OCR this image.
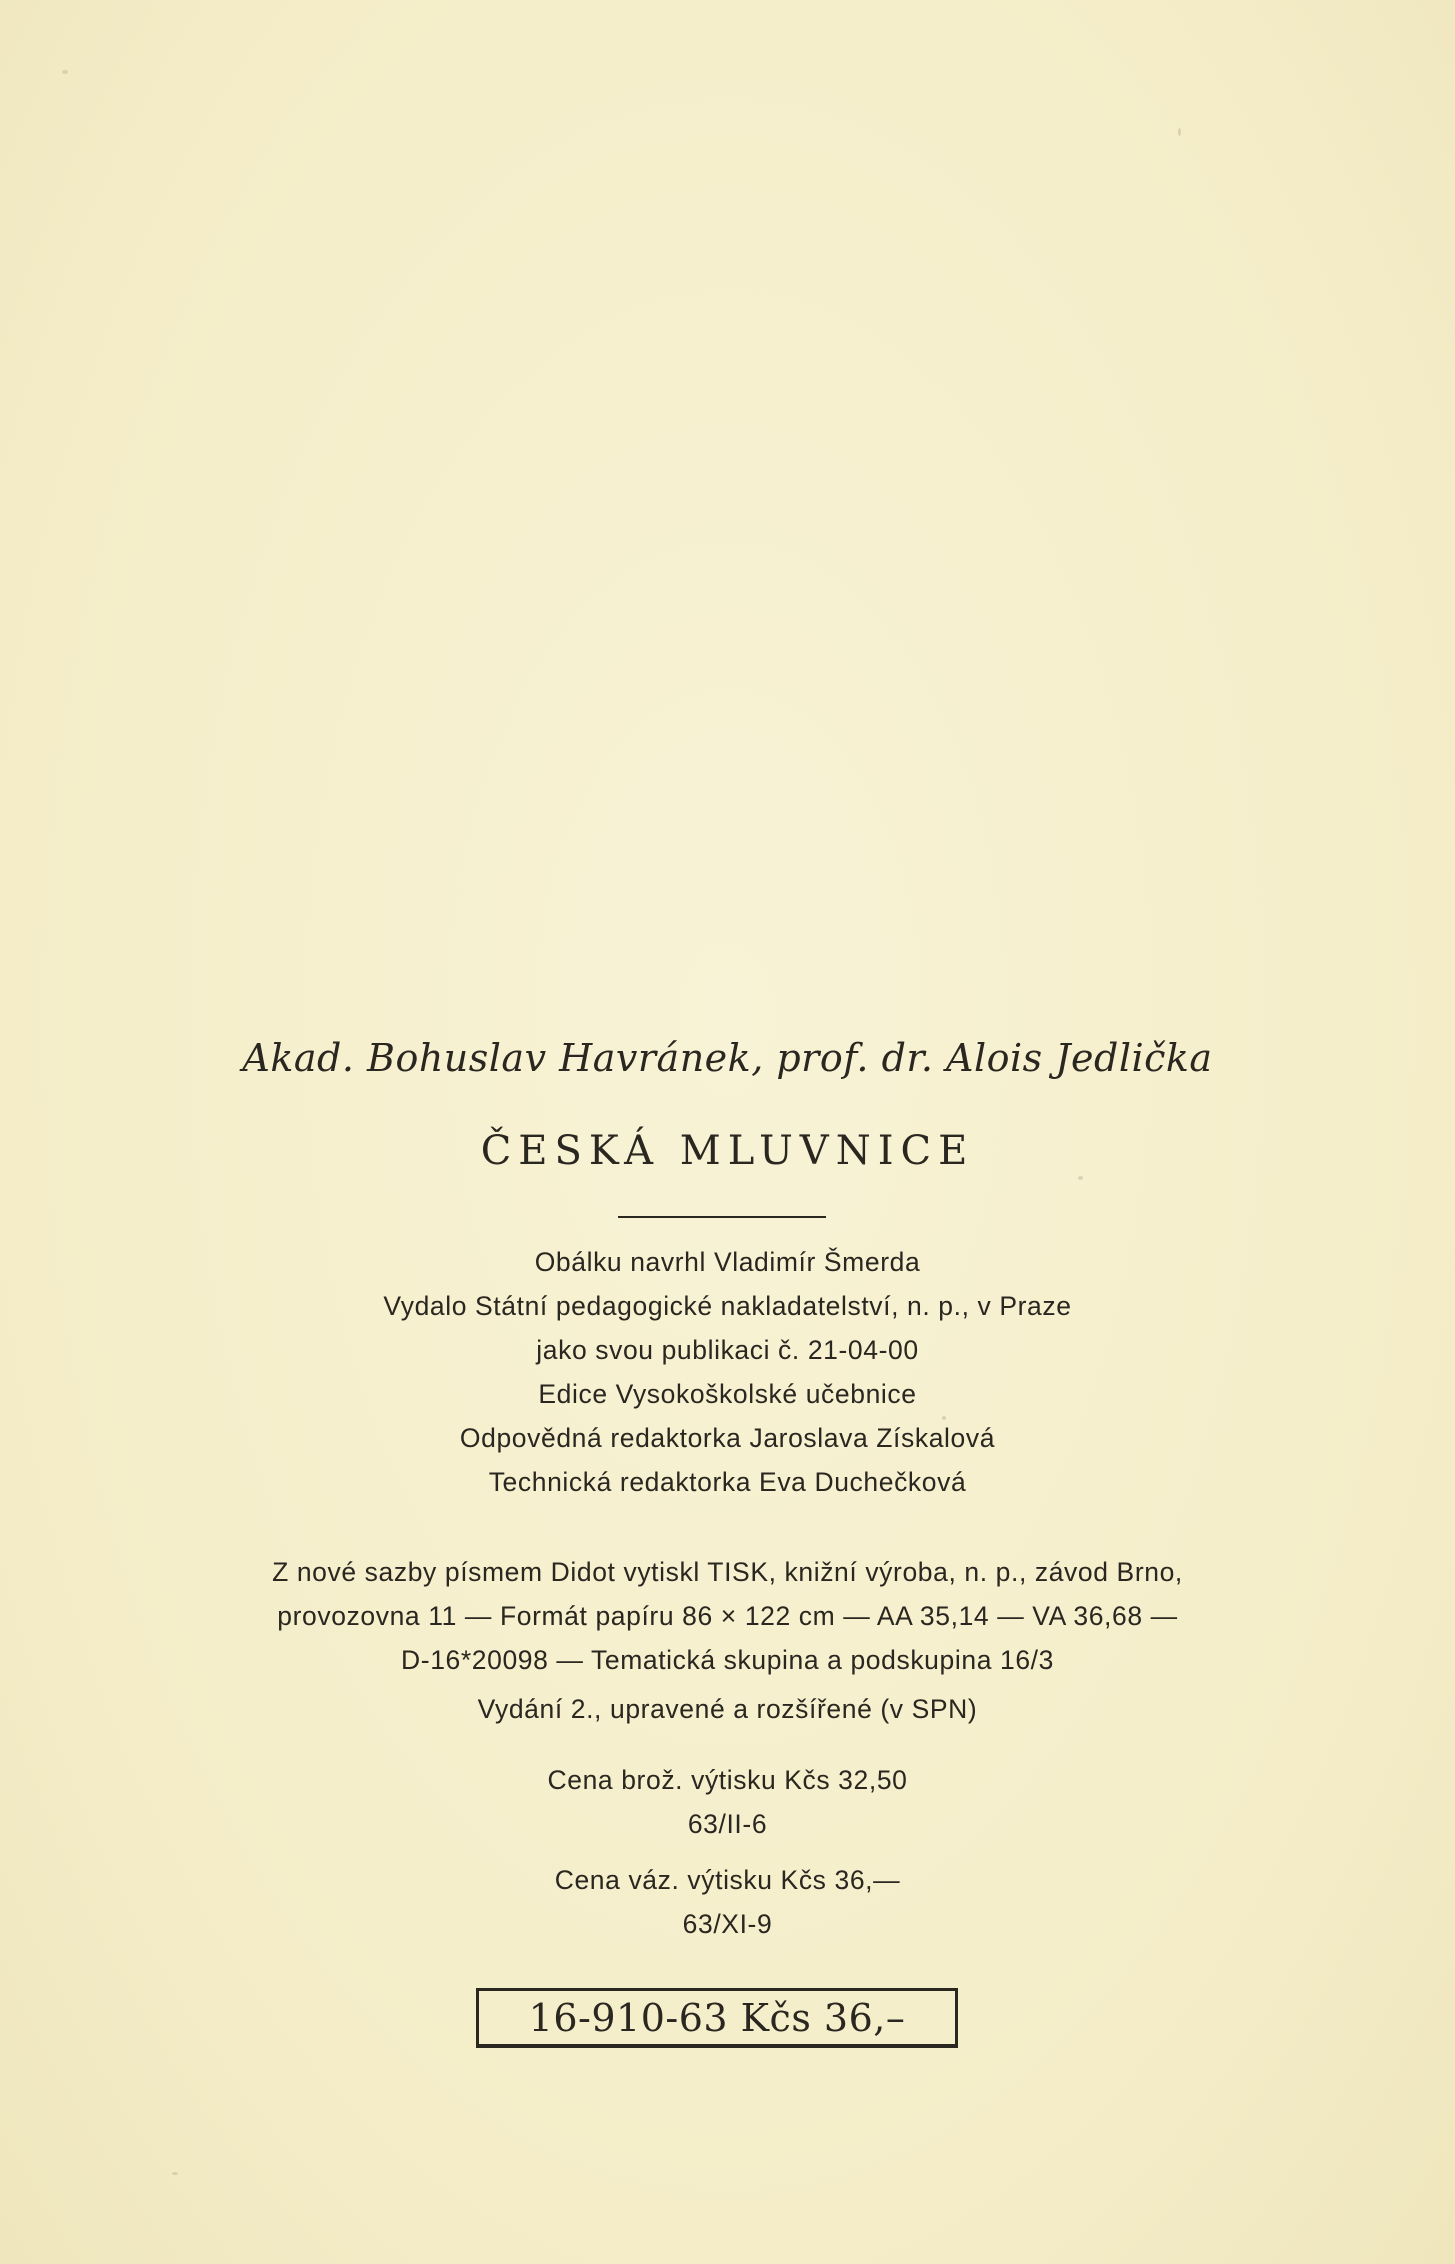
Akad. Bohuslav Havránek, prof. dr. Alois Jedlička
ČESKÁ MLUVNICE
Obálku navrhl Vladimír Šmerda
Vydalo Státní pedagogické nakladatelství, n. p., v Praze
jako svou publikaci č. 21-04-00
Edice Vysokoškolské učebnice
Odpovědná redaktorka Jaroslava Získalová
Technická redaktorka Eva Duchečková
Z nové sazby písmem Didot vytiskl TISK, knižní výroba, n. p., závod Brno,
provozovna 11 — Formát papíru 86 × 122 cm — AA 35,14 — VA 36,68 —
D-16*20098 — Tematická skupina a podskupina 16/3
Vydání 2., upravené a rozšířené (v SPN)
Cena brož. výtisku Kčs 32,50
63/II-6
Cena váz. výtisku Kčs 36,—
63/XI-9
16-910-63 Kčs 36,–
